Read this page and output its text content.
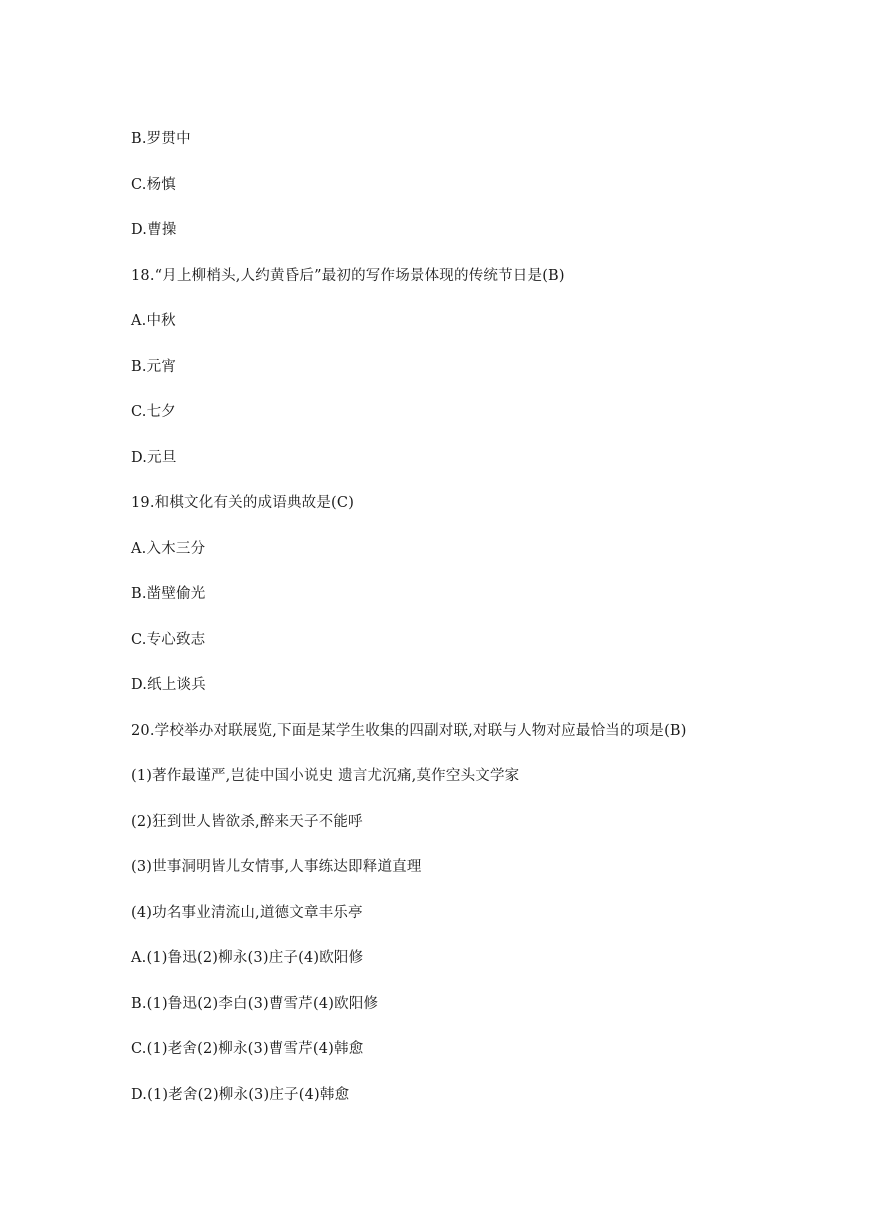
B.罗贯中
C.杨慎
D.曹操
18.“月上柳梢头,人约黄昏后”最初的写作场景体现的传统节日是(B)
A.中秋
B.元宵
C.七夕
D.元旦
19.和棋文化有关的成语典故是(C)
A.入木三分
B.凿壁偷光
C.专心致志
D.纸上谈兵
20.学校举办对联展览,下面是某学生收集的四副对联,对联与人物对应最恰当的项是(B)
(1)著作最谨严,岂徒中国小说史 遗言尤沉痛,莫作空头文学家
(2)狂到世人皆欲杀,醉来天子不能呼
(3)世事洞明皆儿女情事,人事练达即释道直理
(4)功名事业清流山,道德文章丰乐亭
A.(1)鲁迅(2)柳永(3)庄子(4)欧阳修
B.(1)鲁迅(2)李白(3)曹雪芹(4)欧阳修
C.(1)老舍(2)柳永(3)曹雪芹(4)韩愈
D.(1)老舍(2)柳永(3)庄子(4)韩愈
